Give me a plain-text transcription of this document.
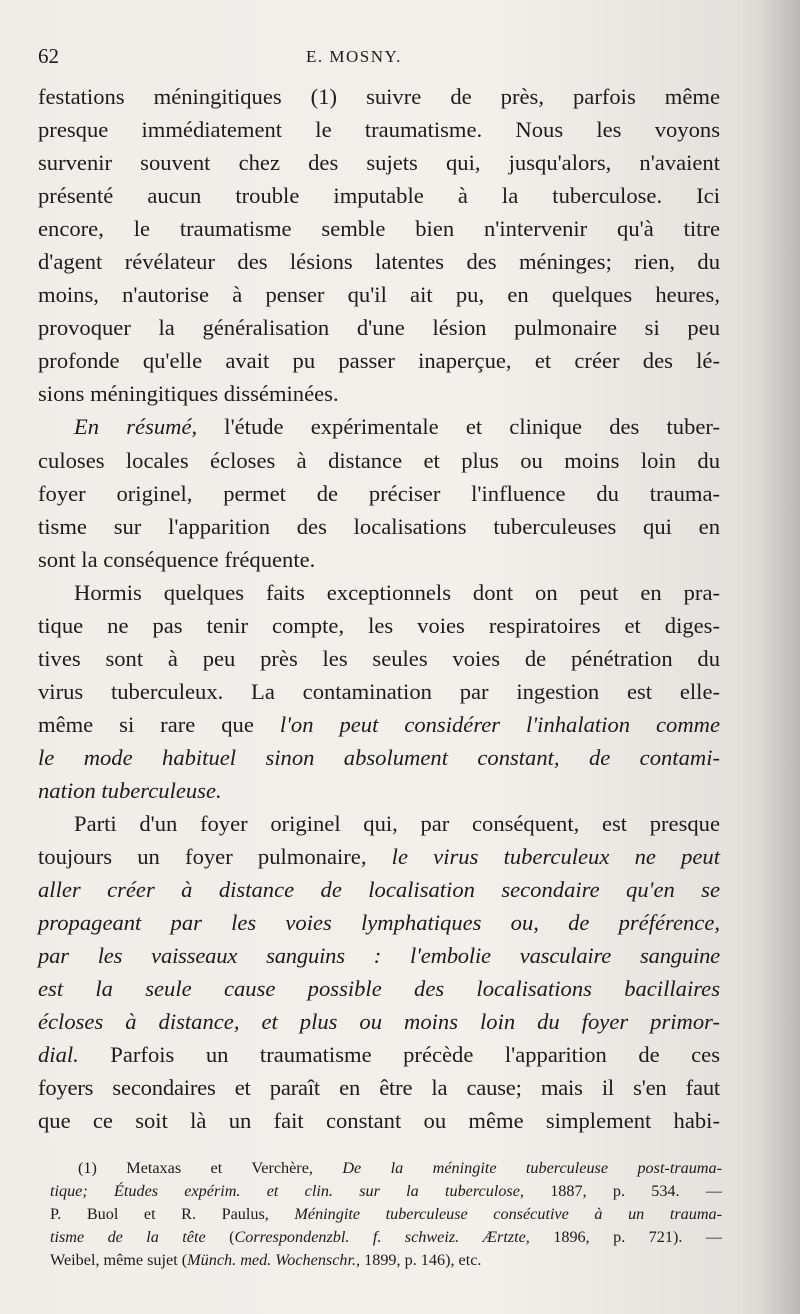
62	E. MOSNY.
festations méningitiques (1) suivre de près, parfois même
presque immédiatement le traumatisme. Nous les voyons
survenir souvent chez des sujets qui, jusqu'alors, n'avaient
présenté aucun trouble imputable à la tuberculose. Ici
encore, le traumatisme semble bien n'intervenir qu'à titre
d'agent révélateur des lésions latentes des méninges; rien, du
moins, n'autorise à penser qu'il ait pu, en quelques heures,
provoquer la généralisation d'une lésion pulmonaire si peu
profonde qu'elle avait pu passer inaperçue, et créer des lé-
sions méningitiques disséminées.
En résumé, l'étude expérimentale et clinique des tuber-
culoses locales écloses à distance et plus ou moins loin du
foyer originel, permet de préciser l'influence du trauma-
tisme sur l'apparition des localisations tuberculeuses qui en
sont la conséquence fréquente.
Hormis quelques faits exceptionnels dont on peut en pra-
tique ne pas tenir compte, les voies respiratoires et diges-
tives sont à peu près les seules voies de pénétration du
virus tuberculeux. La contamination par ingestion est elle-
même si rare que l'on peut considérer l'inhalation comme
le mode habituel sinon absolument constant, de contami-
nation tuberculeuse.
Parti d'un foyer originel qui, par conséquent, est presque
toujours un foyer pulmonaire, le virus tuberculeux ne peut
aller créer à distance de localisation secondaire qu'en se
propageant par les voies lymphatiques ou, de préférence,
par les vaisseaux sanguins : l'embolie vasculaire sanguine
est la seule cause possible des localisations bacillaires
écloses à distance, et plus ou moins loin du foyer primor-
dial. Parfois un traumatisme précède l'apparition de ces
foyers secondaires et paraît en être la cause; mais il s'en faut
que ce soit là un fait constant ou même simplement habi-
(1) Metaxas et Verchère, De la méningite tuberculeuse post-trauma-
tique; Études expérim. et clin. sur la tuberculose, 1887, p. 534. —
P. Buol et R. Paulus, Méningite tuberculeuse consécutive à un trauma-
tisme de la tête (Correspondenzbl. f. schweiz. Ærtzte, 1896, p. 721). —
Weibel, même sujet (Münch. med. Wochenschr., 1899, p. 146), etc.
